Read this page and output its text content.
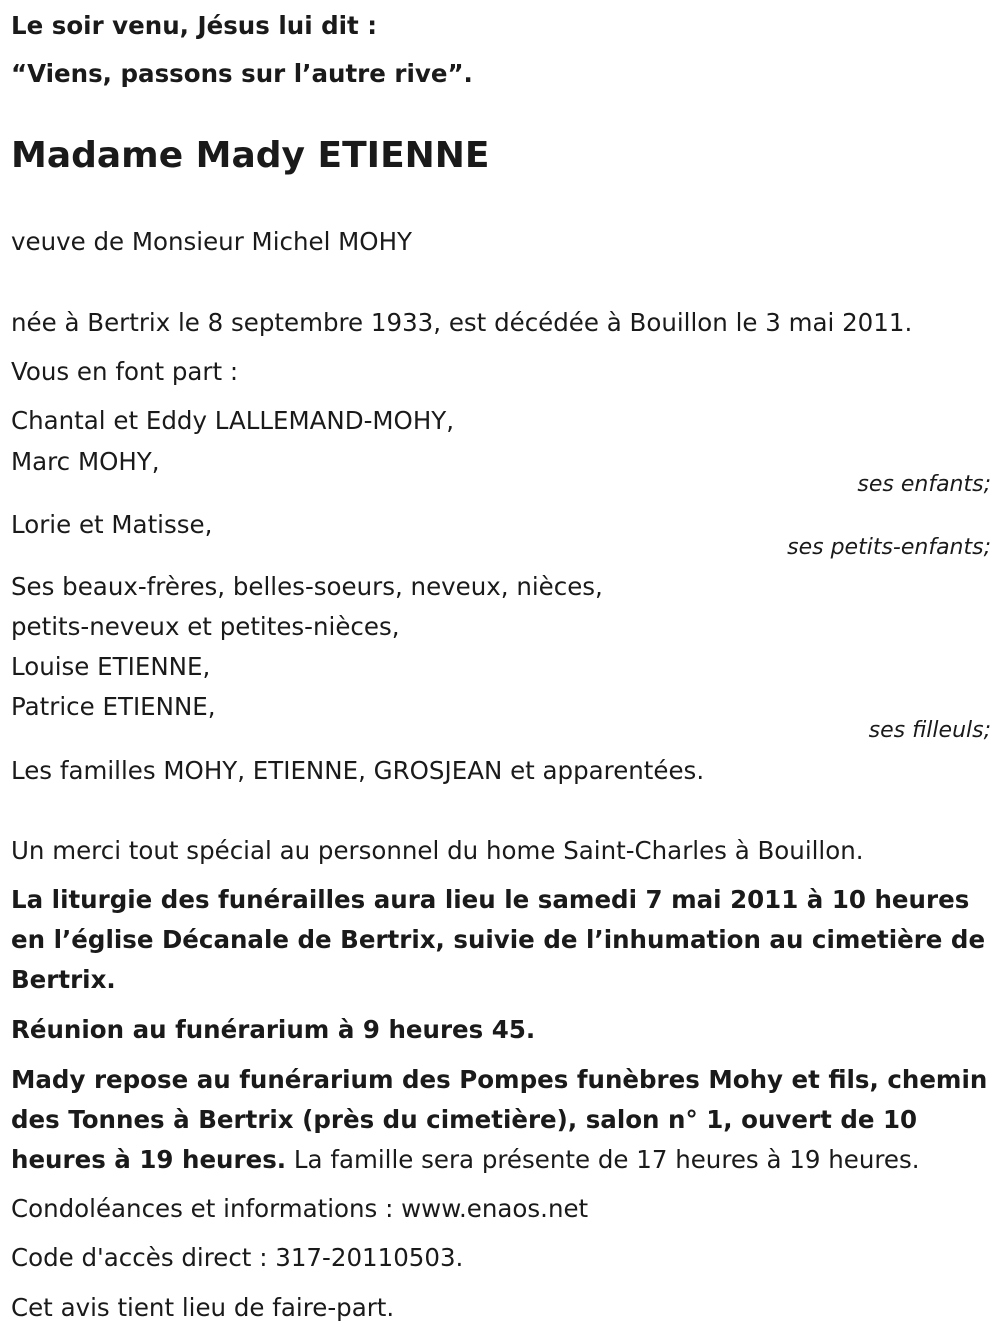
Le soir venu, Jésus lui dit :
“Viens, passons sur l’autre rive”.
Madame Mady ETIENNE
veuve de Monsieur Michel MOHY
née à Bertrix le 8 septembre 1933, est décédée à Bouillon le 3 mai 2011.
Vous en font part :
Chantal et Eddy LALLEMAND-MOHY,
Marc MOHY,
ses enfants;
Lorie et Matisse,
ses petits-enfants;
Ses beaux-frères, belles-soeurs, neveux, nièces,
petits-neveux et petites-nièces,
Louise ETIENNE,
Patrice ETIENNE,
ses filleuls;
Les familles MOHY, ETIENNE, GROSJEAN et apparentées.
Un merci tout spécial au personnel du home Saint-Charles à Bouillon.
La liturgie des funérailles aura lieu le samedi 7 mai 2011 à 10 heures en l’église Décanale de Bertrix, suivie de l’inhumation au cimetière de Bertrix.
Réunion au funérarium à 9 heures 45.
Mady repose au funérarium des Pompes funèbres Mohy et fils, chemin des Tonnes à Bertrix (près du cimetière), salon n° 1, ouvert de 10 heures à 19 heures. La famille sera présente de 17 heures à 19 heures.
Condoléances et informations : www.enaos.net
Code d'accès direct : 317-20110503.
Cet avis tient lieu de faire-part.
